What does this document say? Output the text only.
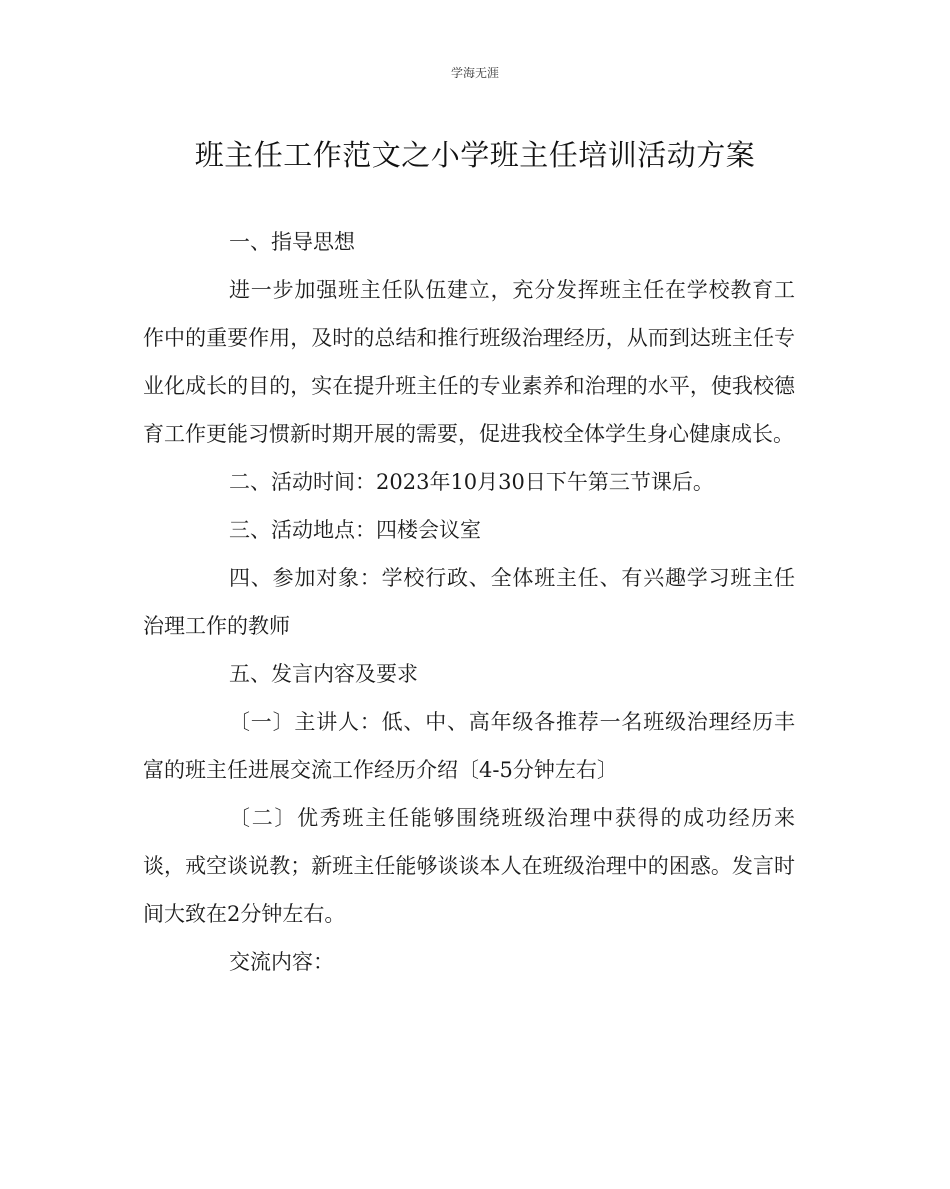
学海无涯
班主任工作范文之小学班主任培训活动方案

一、指导思想

进一步加强班主任队伍建立，充分发挥班主任在学校教育工作中的重要作用，及时的总结和推行班级治理经历，从而到达班主任专业化成长的目的，实在提升班主任的专业素养和治理的水平，使我校德育工作更能习惯新时期开展的需要，促进我校全体学生身心健康成长。

二、活动时间：2023年10月30日下午第三节课后。

三、活动地点：四楼会议室

四、参加对象：学校行政、全体班主任、有兴趣学习班主任治理工作的教师

五、发言内容及要求

〔一〕主讲人：低、中、高年级各推荐一名班级治理经历丰富的班主任进展交流工作经历介绍〔4-5分钟左右〕

〔二〕优秀班主任能够围绕班级治理中获得的成功经历来谈，戒空谈说教；新班主任能够谈谈本人在班级治理中的困惑。发言时间大致在2分钟左右。

交流内容：
